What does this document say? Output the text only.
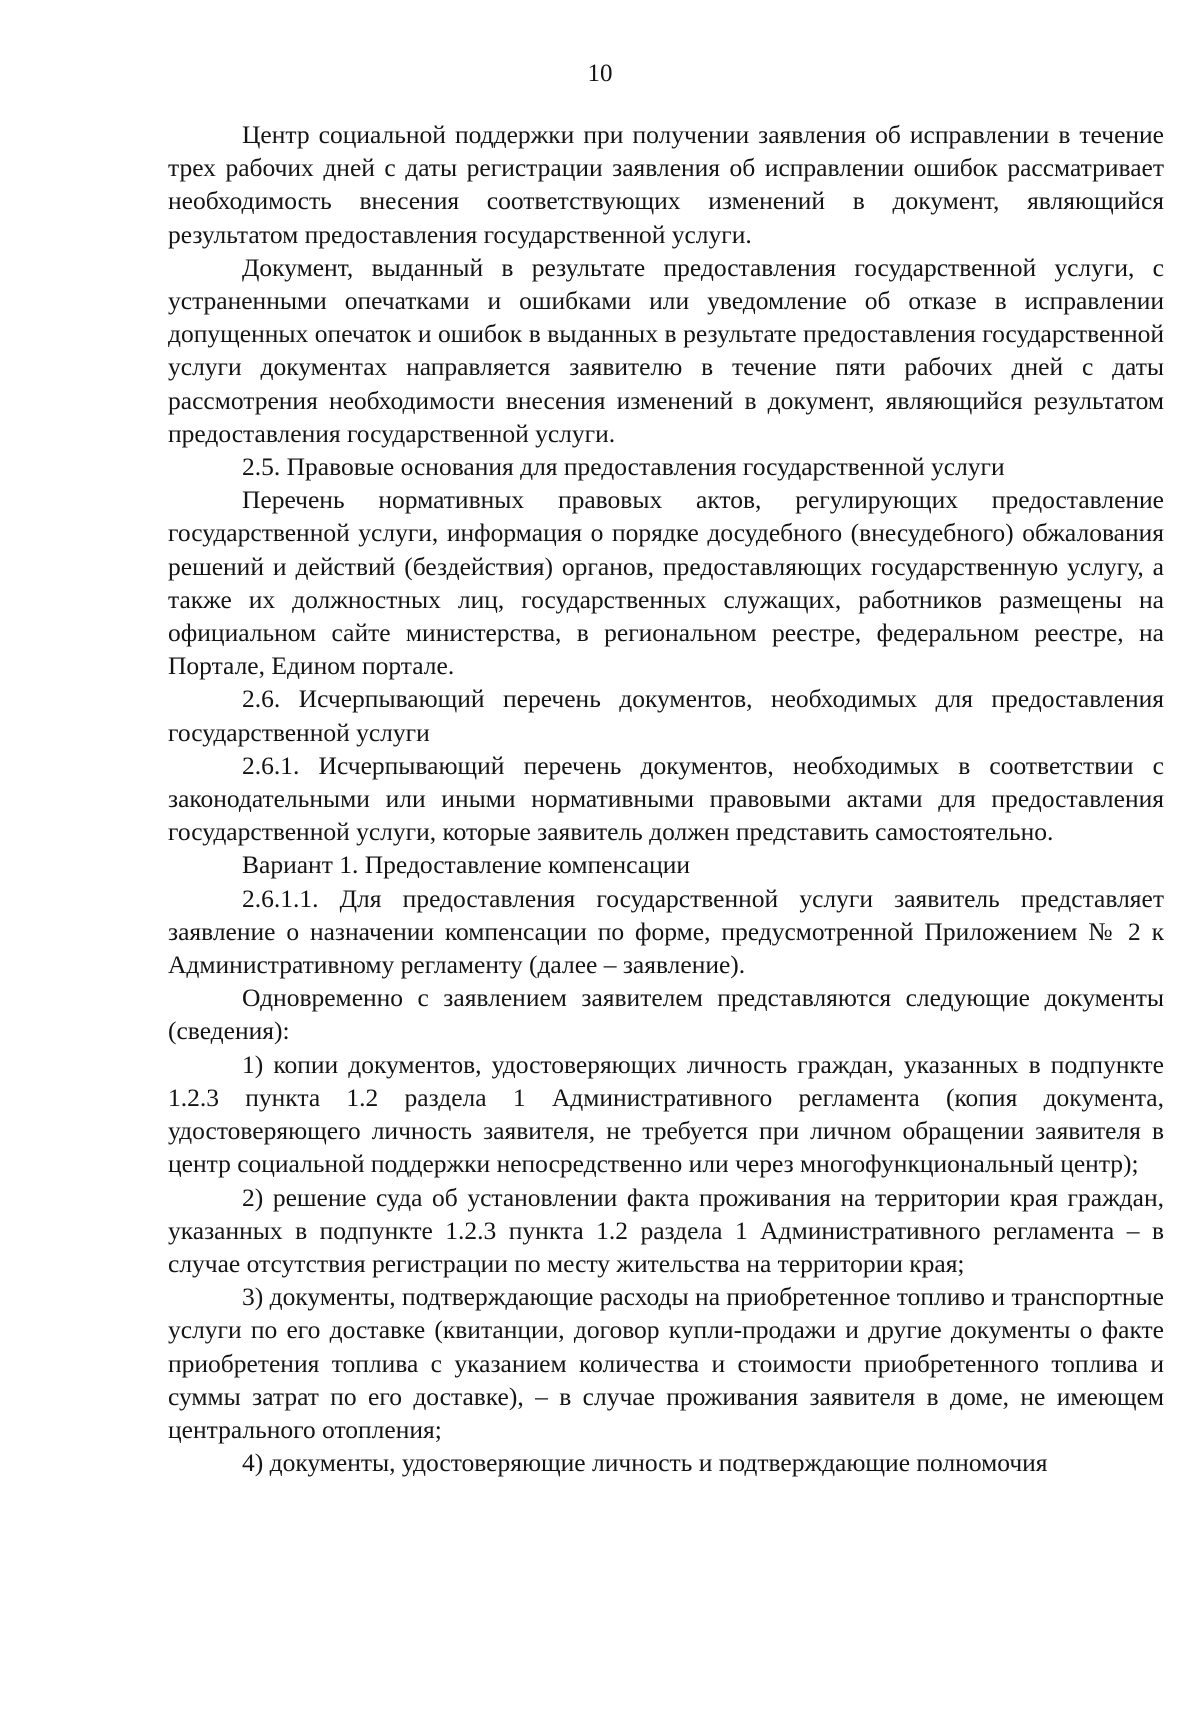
10

Центр социальной поддержки при получении заявления об исправлении в течение трех рабочих дней с даты регистрации заявления об исправлении ошибок рассматривает необходимость внесения соответствующих изменений в документ, являющийся результатом предоставления государственной услуги.

Документ, выданный в результате предоставления государственной услуги, с устраненными опечатками и ошибками или уведомление об отказе в исправлении допущенных опечаток и ошибок в выданных в результате предоставления государственной услуги документах направляется заявителю в течение пяти рабочих дней с даты рассмотрения необходимости внесения изменений в документ, являющийся результатом предоставления государственной услуги.

2.5. Правовые основания для предоставления государственной услуги

Перечень нормативных правовых актов, регулирующих предоставление государственной услуги, информация о порядке досудебного (внесудебного) обжалования решений и действий (бездействия) органов, предоставляющих государственную услугу, а также их должностных лиц, государственных служащих, работников размещены на официальном сайте министерства, в региональном реестре, федеральном реестре, на Портале, Едином портале.

2.6. Исчерпывающий перечень документов, необходимых для предоставления государственной услуги

2.6.1. Исчерпывающий перечень документов, необходимых в соответствии с законодательными или иными нормативными правовыми актами для предоставления государственной услуги, которые заявитель должен представить самостоятельно.

Вариант 1. Предоставление компенсации

2.6.1.1. Для предоставления государственной услуги заявитель представляет заявление о назначении компенсации по форме, предусмотренной Приложением № 2 к Административному регламенту (далее – заявление).

Одновременно с заявлением заявителем представляются следующие документы (сведения):

1) копии документов, удостоверяющих личность граждан, указанных в подпункте 1.2.3 пункта 1.2 раздела 1 Административного регламента (копия документа, удостоверяющего личность заявителя, не требуется при личном обращении заявителя в центр социальной поддержки непосредственно или через многофункциональный центр);

2) решение суда об установлении факта проживания на территории края граждан, указанных в подпункте 1.2.3 пункта 1.2 раздела 1 Административного регламента – в случае отсутствия регистрации по месту жительства на территории края;

3) документы, подтверждающие расходы на приобретенное топливо и транспортные услуги по его доставке (квитанции, договор купли-продажи и другие документы о факте приобретения топлива с указанием количества и стоимости приобретенного топлива и суммы затрат по его доставке), – в случае проживания заявителя в доме, не имеющем центрального отопления;

4) документы, удостоверяющие личность и подтверждающие полномочия
